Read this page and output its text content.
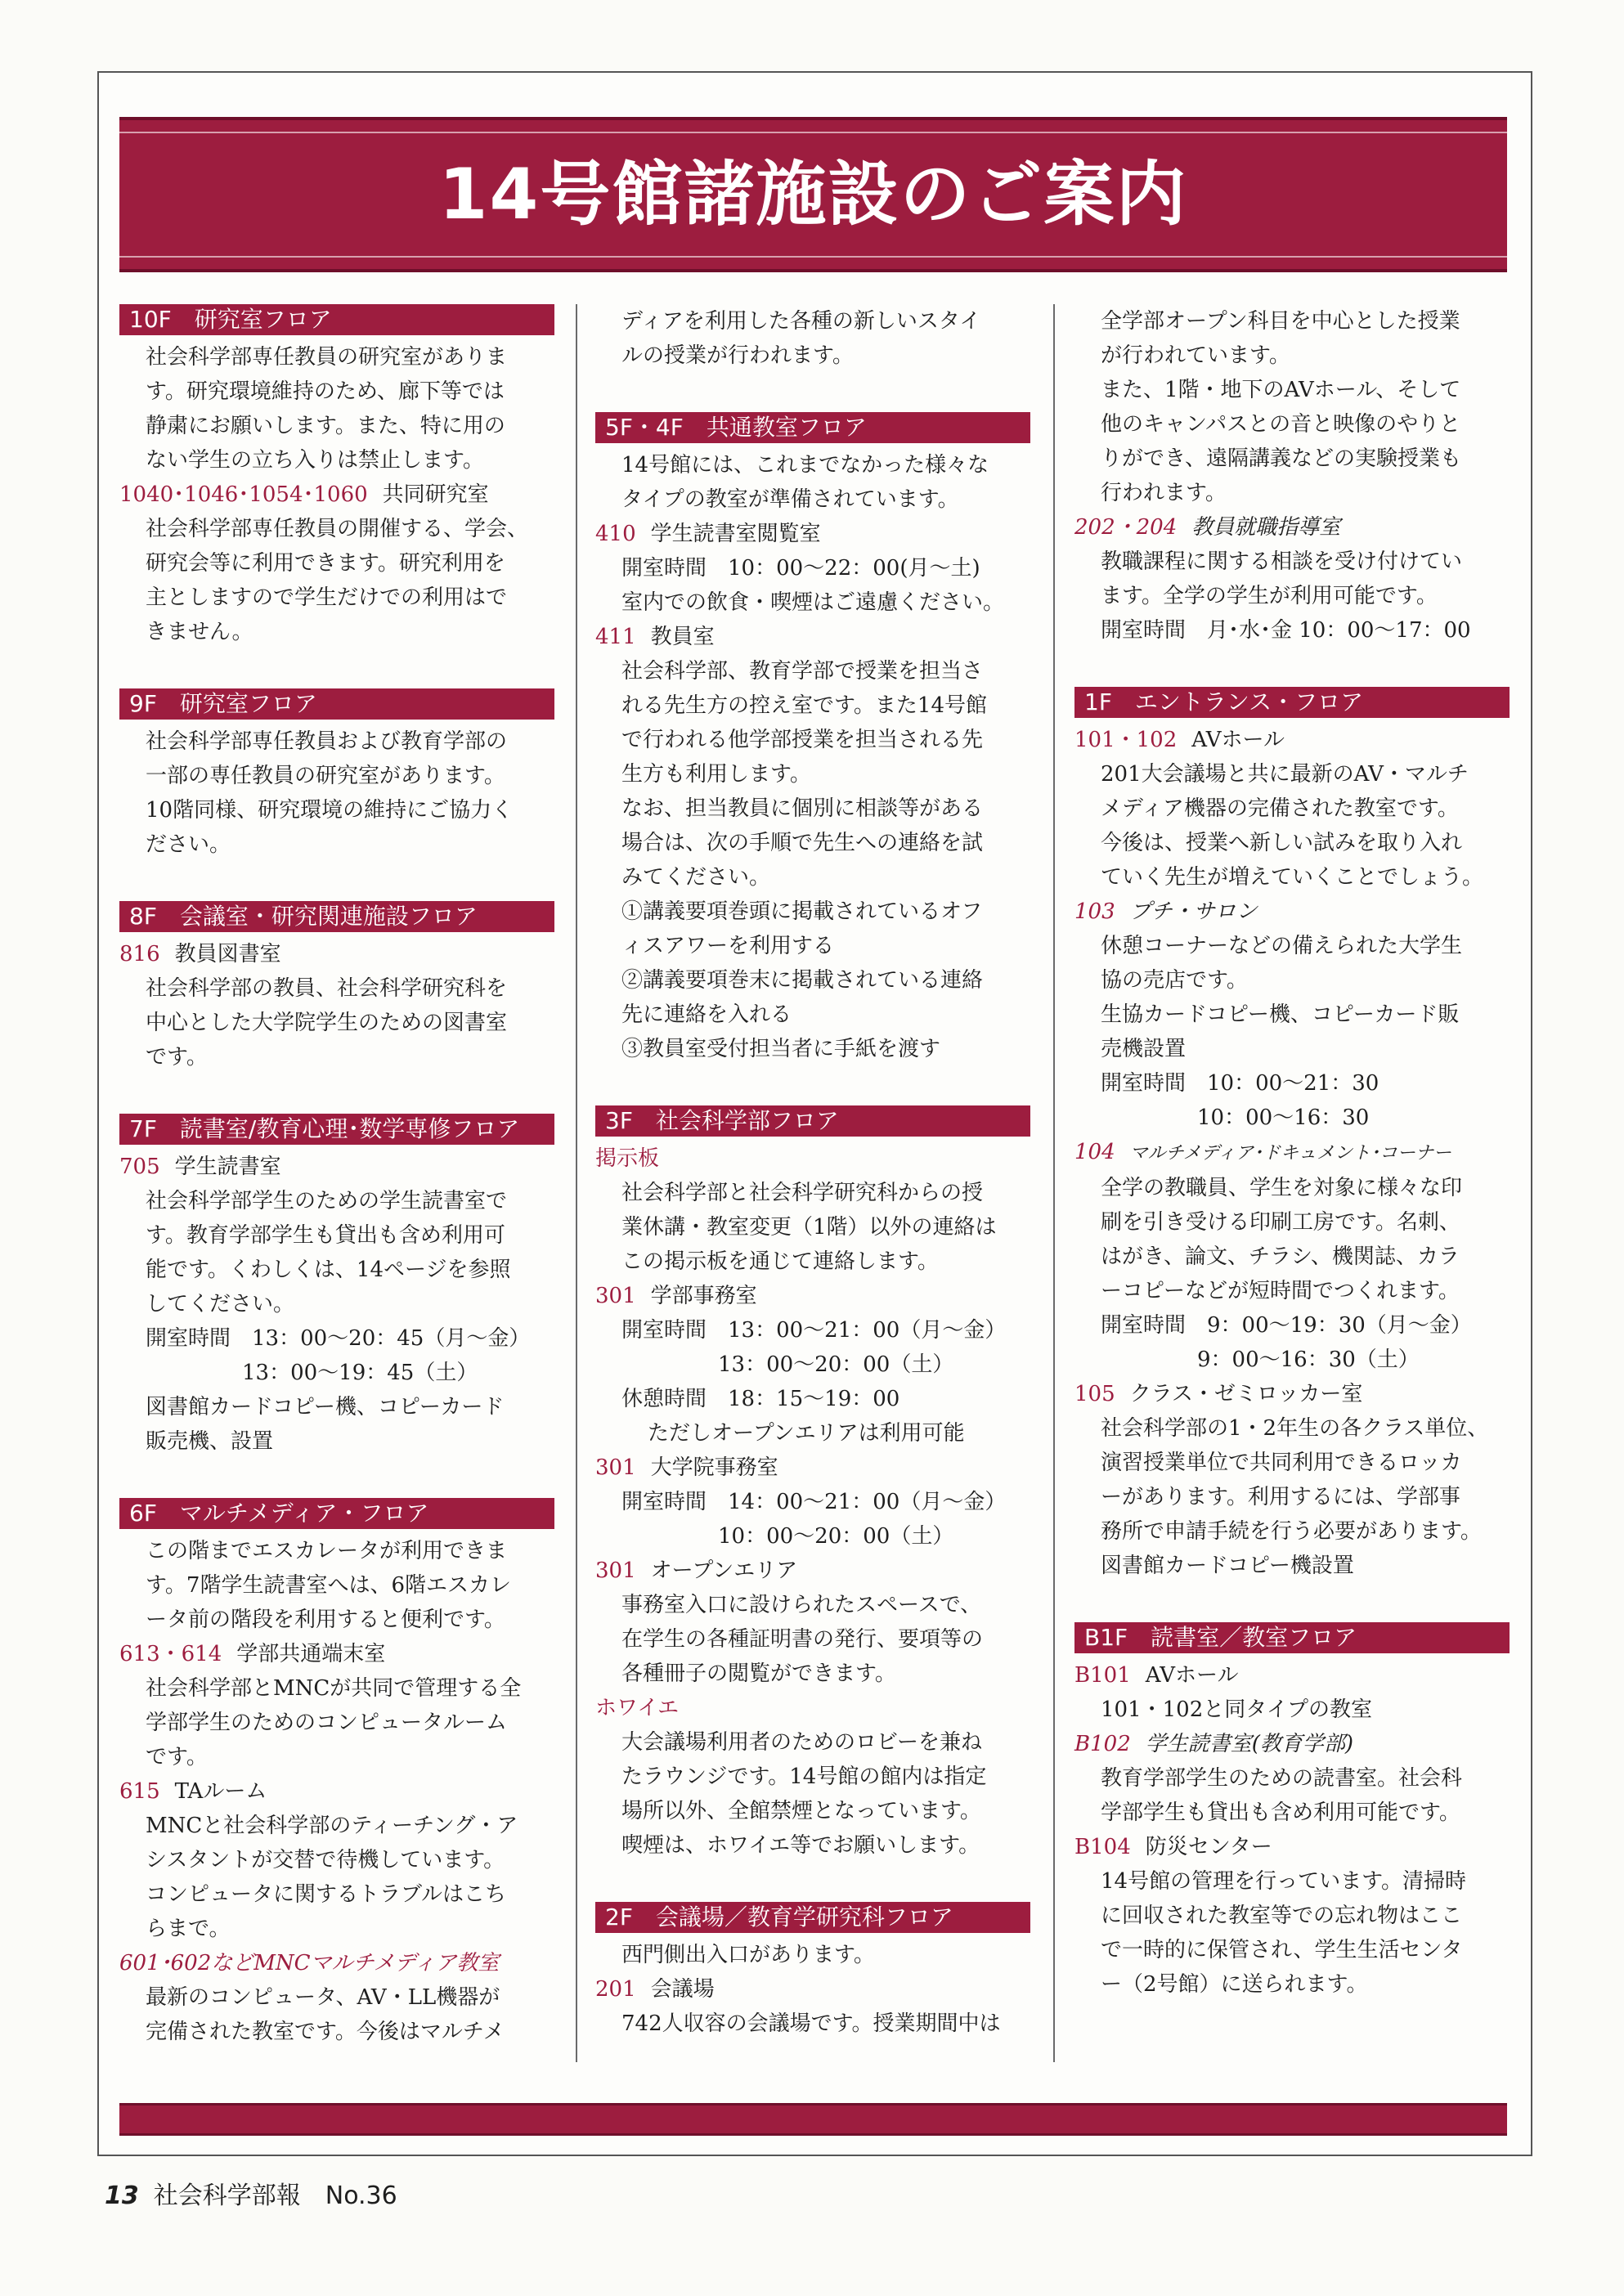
14号館諸施設のご案内
10F　研究室フロア
社会科学部専任教員の研究室がありま
す。研究環境維持のため、廊下等では
静粛にお願いします。また、特に用の
ない学生の立ち入りは禁止します。
1040･1046･1054･1060 共同研究室
社会科学部専任教員の開催する、学会、
研究会等に利用できます。研究利用を
主としますので学生だけでの利用はで
きません。
9F　研究室フロア
社会科学部専任教員および教育学部の
一部の専任教員の研究室があります。
10階同様、研究環境の維持にご協力く
ださい。
8F　会議室・研究関連施設フロア
816 教員図書室
社会科学部の教員、社会科学研究科を
中心とした大学院学生のための図書室
です。
7F　読書室/教育心理･数学専修フロア
705 学生読書室
社会科学部学生のための学生読書室で
す。教育学部学生も貸出も含め利用可
能です。くわしくは、14ページを参照
してください。
開室時間　13：00〜20：45（月〜金）
13：00〜19：45（土）
図書館カードコピー機、コピーカード
販売機、設置
6F　マルチメディア・フロア
この階までエスカレータが利用できま
す。7階学生読書室へは、6階エスカレ
ータ前の階段を利用すると便利です。
613・614 学部共通端末室
社会科学部とMNCが共同で管理する全
学部学生のためのコンピュータルーム
です。
615 TAルーム
MNCと社会科学部のティーチング・ア
シスタントが交替で待機しています。
コンピュータに関するトラブルはこち
らまで。
601･602などMNCマルチメディア教室
最新のコンピュータ、AV・LL機器が
完備された教室です。今後はマルチメ
ディアを利用した各種の新しいスタイ
ルの授業が行われます。
5F・4F　共通教室フロア
14号館には、これまでなかった様々な
タイプの教室が準備されています。
410 学生読書室閲覧室
開室時間　10：00〜22：00(月〜土)
室内での飲食・喫煙はご遠慮ください。
411 教員室
社会科学部、教育学部で授業を担当さ
れる先生方の控え室です。また14号館
で行われる他学部授業を担当される先
生方も利用します。
なお、担当教員に個別に相談等がある
場合は、次の手順で先生への連絡を試
みてください。
①講義要項巻頭に掲載されているオフ
ィスアワーを利用する
②講義要項巻末に掲載されている連絡
先に連絡を入れる
③教員室受付担当者に手紙を渡す
3F　社会科学部フロア
掲示板
社会科学部と社会科学研究科からの授
業休講・教室変更（1階）以外の連絡は
この掲示板を通じて連絡します。
301 学部事務室
開室時間　13：00〜21：00（月〜金）
13：00〜20：00（土）
休憩時間　18：15〜19：00
ただしオープンエリアは利用可能
301 大学院事務室
開室時間　14：00〜21：00（月〜金）
10：00〜20：00（土）
301 オープンエリア
事務室入口に設けられたスペースで、
在学生の各種証明書の発行、要項等の
各種冊子の閲覧ができます。
ホワイエ
大会議場利用者のためのロビーを兼ね
たラウンジです。14号館の館内は指定
場所以外、全館禁煙となっています。
喫煙は、ホワイエ等でお願いします。
2F　会議場／教育学研究科フロア
西門側出入口があります。
201 会議場
742人収容の会議場です。授業期間中は
全学部オープン科目を中心とした授業
が行われています。
また、1階・地下のAVホール、そして
他のキャンパスとの音と映像のやりと
りができ、遠隔講義などの実験授業も
行われます。
202・204 教員就職指導室
教職課程に関する相談を受け付けてい
ます。全学の学生が利用可能です。
開室時間　月･水･金 10：00〜17：00
1F　エントランス・フロア
101・102 AVホール
201大会議場と共に最新のAV・マルチ
メディア機器の完備された教室です。
今後は、授業へ新しい試みを取り入れ
ていく先生が増えていくことでしょう。
103 プチ・サロン
休憩コーナーなどの備えられた大学生
協の売店です。
生協カードコピー機、コピーカード販
売機設置
開室時間　10：00〜21：30
10：00〜16：30
104 マルチメディア･ドキュメント･コーナー
全学の教職員、学生を対象に様々な印
刷を引き受ける印刷工房です。名刺、
はがき、論文、チラシ、機関誌、カラ
ーコピーなどが短時間でつくれます。
開室時間　9：00〜19：30（月〜金）
9：00〜16：30（土）
105 クラス・ゼミロッカー室
社会科学部の1・2年生の各クラス単位、
演習授業単位で共同利用できるロッカ
ーがあります。利用するには、学部事
務所で申請手続を行う必要があります。
図書館カードコピー機設置
B1F　読書室／教室フロア
B101 AVホール
101・102と同タイプの教室
B102 学生読書室(教育学部)
教育学部学生のための読書室。社会科
学部学生も貸出も含め利用可能です。
B104 防災センター
14号館の管理を行っています。清掃時
に回収された教室等での忘れ物はここ
で一時的に保管され、学生生活センタ
ー（2号館）に送られます。
13 社会科学部報　No.36
